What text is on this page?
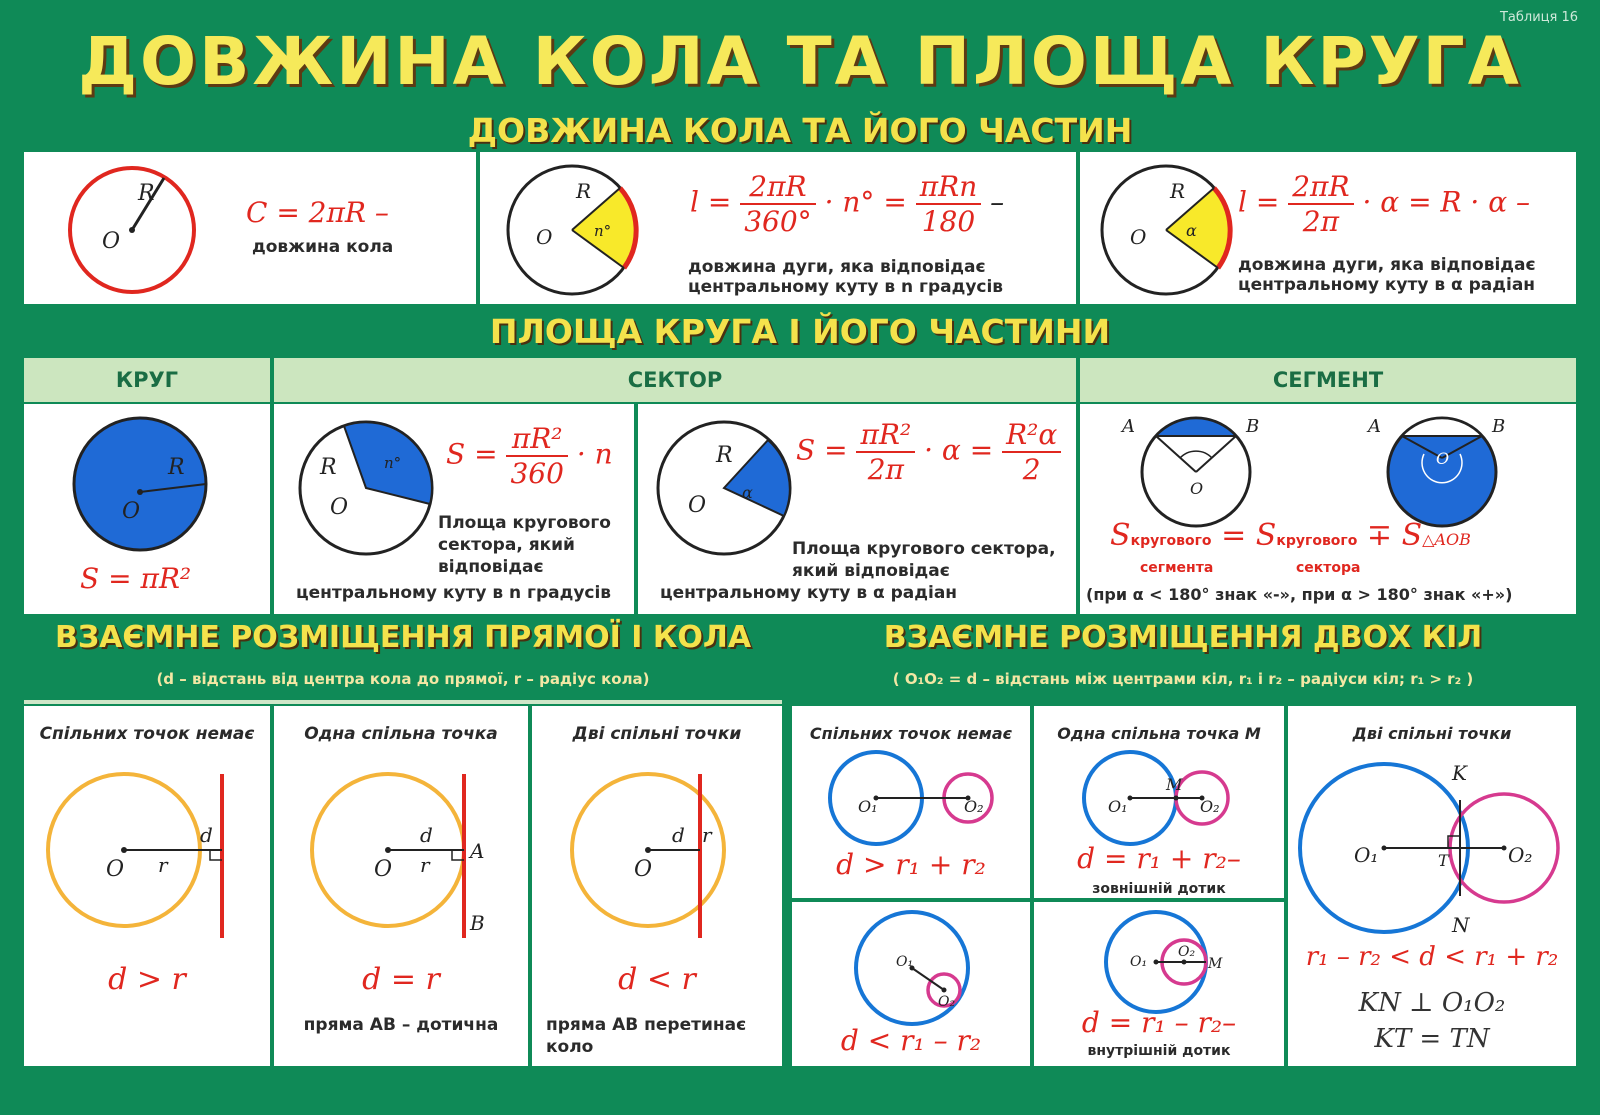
Таблиця 16
ДОВЖИНА КОЛА ТА ПЛОЩА КРУГА
ДОВЖИНА КОЛА ТА ЙОГО ЧАСТИН
R
O
C = 2πR –
довжина кола
R
O	n°
$l = \frac{2\pi R}{360^\circ} \cdot n^\circ = \frac{\text{πRn}}{180}$ –
довжина дуги, яка відповідає
центральному куту в n градусів
R
O α
$l = \frac{2\pi R}{2\pi} \cdot \alpha = R \cdot \alpha$ –
довжина дуги, яка відповідає
центральному куту в α радіан
ПЛОЩА КРУГА І ЙОГО ЧАСТИНИ
КРУГ	СЕКТОР	СЕГМЕНТ
R
O
S = πR²
R
O
n° $S = \frac{\text{πR²}}{360} \cdot n$
Площа кругового
сектора, який
відповідає
центральному куту в n градусів
R
O
α
$S = \frac{\text{πR²}}{2\pi} \cdot \alpha = \frac{\text{R²α}}{2}$
Площа кругового сектора,
який відповідає
центральному куту в α радіан
A	B
O
A	B
O
Sкругового = Sкругового ∓ S△AOB
сегмента	сектора
(при α < 180° знак «-», при α > 180° знак «+»)
ВЗАЄМНЕ РОЗМІЩЕННЯ ПРЯМОЇ І КОЛА
(d – відстань від центра кола до прямої, r – радіус кола)
Спільних точок немає
O r
d
d > r
Одна спільна точка
O r
d
A
B
d = r
пряма AB – дотична
Дві спільні точки
O
d r
d < r
пряма AB перетинає коло
ВЗАЄМНЕ РОЗМІЩЕННЯ ДВОХ КІЛ
( O₁O₂ = d – відстань між центрами кіл, r₁ і r₂ – радіуси кіл; r₁ > r₂ )
Спільних точок немає
O₁	O₂
d > r₁ + r₂
Одна спільна точка M
O₁	O₂
M
d = r₁ + r₂–
зовнішній дотик
O₁
O₂
d < r₁ – r₂
O₁
O₂
M
d = r₁ – r₂–
внутрішній дотик
Дві спільні точки
O₁	O₂
K
N
T
r₁ – r₂ < d < r₁ + r₂
KN ⊥ O₁O₂
KT = TN
